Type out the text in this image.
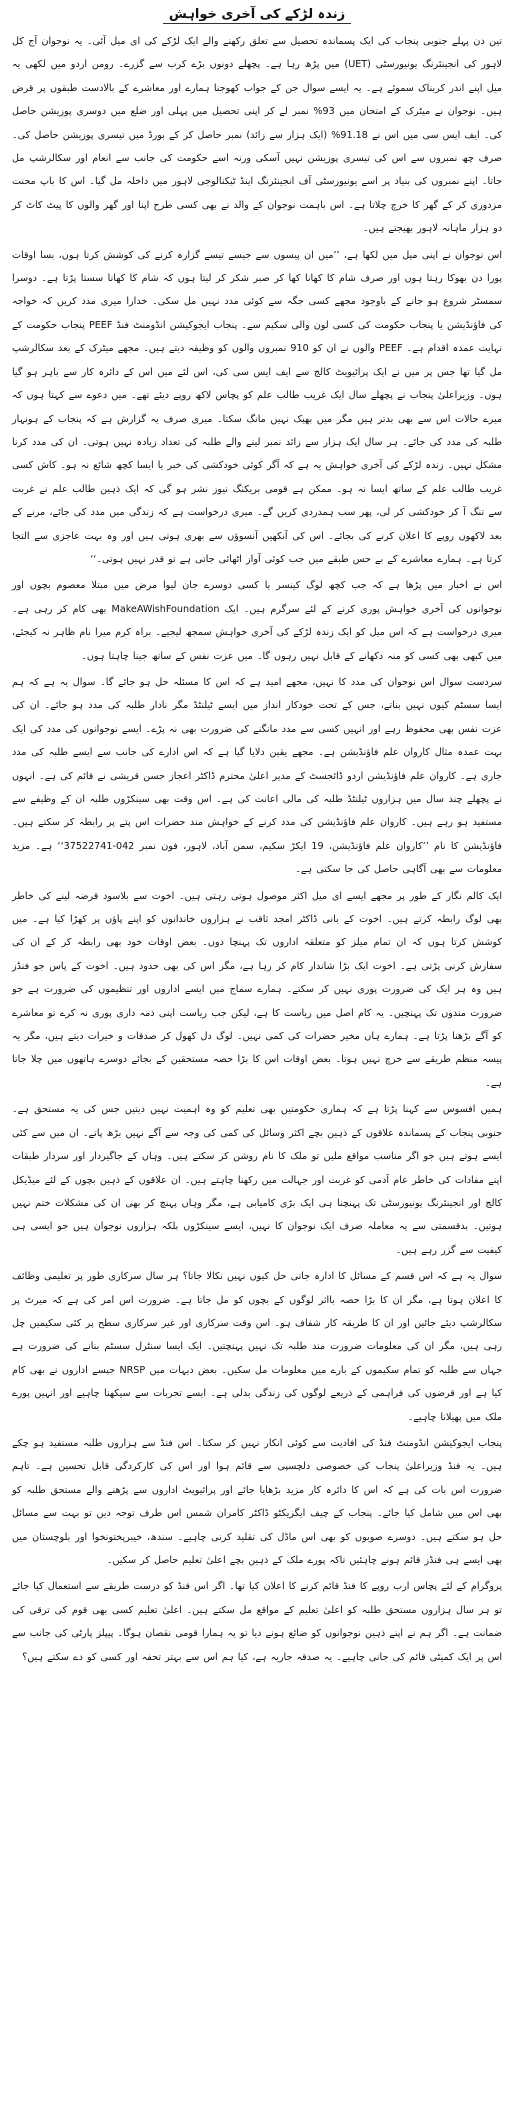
زندہ لڑکے کی آخری خواہش

تین دن پہلے جنوبی پنجاب کی ایک پسماندہ تحصیل سے تعلق رکھنے والے ایک لڑکے کی ای میل آئی۔ یہ نوجوان آج کل لاہور کی انجینئرنگ یونیورسٹی (UET) میں پڑھ رہا ہے۔ پچھلے دونوں بڑے کرب سے گزرے۔ رومن اردو میں لکھی یہ میل اپنے اندر کربناک سموئے ہے۔ یہ ایسے سوال جن کے جواب کھوجنا ہمارے اور معاشرے کے بالادست طبقوں پر قرض ہیں۔ نوجوان نے میٹرک کے امتحان میں 93% نمبر لے کر اپنی تحصیل میں پہلی اور ضلع میں دوسری پوزیشن حاصل کی۔ ایف ایس سی میں اس نے 91.18% (ایک ہزار سے زائد) نمبر حاصل کر کے بورڈ میں تیسری پوزیشن حاصل کی۔ صرف چھ نمبروں سے اس کی تیسری پوزیشن نہیں آسکی ورنہ اسے حکومت کی جانب سے انعام اور سکالرشپ مل جاتا۔ اپنے نمبروں کی بنیاد پر اسے یونیورسٹی آف انجینئرنگ اینڈ ٹیکنالوجی لاہور میں داخلہ مل گیا۔ اس کا باپ محنت مزدوری کر کے گھر کا خرچ چلاتا ہے۔ اس باہمت نوجوان کے والد نے بھی کسی طرح اپنا اور گھر والوں کا پیٹ کاٹ کر دو ہزار ماہانہ لاہور بھیجتے ہیں۔

اس نوجوان نے اپنی میل میں لکھا ہے، ’’میں ان پیسوں سے جیسے تیسے گزارہ کرنے کی کوشش کرتا ہوں، بسا اوقات پورا دن بھوکا رہتا ہوں اور صرف شام کا کھانا کھا کر صبر شکر کر لیتا ہوں کہ شام کا کھانا سستا پڑتا ہے۔ دوسرا سمسٹر شروع ہو جانے کے باوجود مجھے کسی جگہ سے کوئی مدد نہیں مل سکی۔ خدارا میری مدد کریں کہ خواجہ کی فاؤنڈیشن یا پنجاب حکومت کی کسی لون والی سکیم سے۔ پنجاب ایجوکیشن انڈومنٹ فنڈ PEEF پنجاب حکومت کے نہایت عمدہ اقدام ہے۔ PEEF والوں نے ان کو 910 نمبروں والوں کو وظیفہ دیتے ہیں۔ مجھے میٹرک کے بعد سکالرشپ مل گیا تھا جس پر میں نے ایک پرائیویٹ کالج سے ایف ایس سی کی، اس لئے میں اس کے دائرہ کار سے باہر ہو گیا ہوں۔ وزیراعلیٰ پنجاب نے پچھلے سال ایک غریب طالب علم کو پچاس لاکھ روپے دیئے تھے۔ میں دعوے سے کہتا ہوں کہ میرے حالات اس سے بھی بدتر ہیں مگر میں بھیک نہیں مانگ سکتا۔ میری صرف یہ گزارش ہے کہ پنجاب کے ہونہار طلبہ کی مدد کی جائے۔ ہر سال ایک ہزار سے زائد نمبر لینے والے طلبہ کی تعداد زیادہ نہیں ہوتی۔ ان کی مدد کرنا مشکل نہیں۔ زندہ لڑکے کی آخری خواہش یہ ہے کہ آگر کوئی خودکشی کی خبر یا ایسا کچھ شائع نہ ہو۔ کاش کسی غریب طالب علم کے ساتھ ایسا نہ ہو۔ ممکن ہے قومی بریکنگ نیوز نشر ہو گی کہ ایک ذہین طالب علم نے غربت سے تنگ آ کر خودکشی کر لی، پھر سب ہمدردی کریں گے۔ میری درخواست ہے کہ زندگی میں مدد کی جائے، مرنے کے بعد لاکھوں روپے کا اعلان کرنے کی بجائے۔ اس کی آنکھیں آنسوؤں سے بھری ہوتی ہیں اور وہ بہت عاجزی سے التجا کرتا ہے۔ ہمارے معاشرے کے بے حس طبقے میں جب کوئی آواز اٹھائی جاتی ہے تو قدر نہیں ہوتی۔‘‘

اس نے اخبار میں پڑھا ہے کہ جب کچھ لوگ کینسر یا کسی دوسرے جان لیوا مرض میں مبتلا معصوم بچوں اور نوجوانوں کی آخری خواہش پوری کرنے کے لئے سرگرم ہیں۔ ایک MakeAWishFoundation بھی کام کر رہی ہے۔ میری درخواست ہے کہ اس میل کو ایک زندہ لڑکے کی آخری خواہش سمجھ لیجیے۔ براہ کرم میرا نام ظاہر نہ کیجئے، میں کبھی بھی کسی کو منہ دکھانے کے قابل نہیں رہوں گا۔ میں عزت نفس کے ساتھ جینا چاہتا ہوں۔

سردست سوال اس نوجوان کی مدد کا نہیں، مجھے امید ہے کہ اس کا مسئلہ حل ہو جائے گا۔ سوال یہ ہے کہ ہم ایسا سسٹم کیوں نہیں بناتے، جس کے تحت خودکار انداز میں ایسے ٹیلنٹڈ مگر نادار طلبہ کی مدد ہو جائے۔ ان کی عزت نفس بھی محفوظ رہے اور انہیں کسی سے مدد مانگنے کی ضرورت بھی نہ پڑے۔ ایسے نوجوانوں کی مدد کی ایک بہت عمدہ مثال کاروان علم فاؤنڈیشن ہے۔ مجھے یقین دلایا گیا ہے کہ اس ادارے کی جانب سے ایسے طلبہ کی مدد جاری ہے۔ کاروان علم فاؤنڈیشن اردو ڈائجسٹ کے مدیر اعلیٰ محترم ڈاکٹر اعجاز حسن قریشی نے قائم کی ہے۔ انہوں نے پچھلے چند سال میں ہزاروں ٹیلنٹڈ طلبہ کی مالی اعانت کی ہے۔ اس وقت بھی سینکڑوں طلبہ ان کے وظیفے سے مستفید ہو رہے ہیں۔ کاروان علم فاؤنڈیشن کی مدد کرنے کے خواہش مند حضرات اس پتے پر رابطہ کر سکتے ہیں۔ فاؤنڈیشن کا نام ’’کاروان علم فاؤنڈیشن، 19 ایکڑ سکیم، سمن آباد، لاہور، فون نمبر 042-37522741‘‘ ہے۔ مزید معلومات سے بھی آگاہی حاصل کی جا سکتی ہے۔

ایک کالم نگار کے طور پر مجھے ایسے ای میل اکثر موصول ہوتی رہتی ہیں۔ اخوت سے بلاسود قرضہ لینے کی خاطر بھی لوگ رابطہ کرتے ہیں۔ اخوت کے بانی ڈاکٹر امجد ثاقب نے ہزاروں خاندانوں کو اپنے پاؤں پر کھڑا کیا ہے۔ میں کوشش کرتا ہوں کہ ان تمام میلز کو متعلقہ اداروں تک پہنچا دوں۔ بعض اوقات خود بھی رابطہ کر کے ان کی سفارش کرنی پڑتی ہے۔ اخوت ایک بڑا شاندار کام کر رہا ہے، مگر اس کی بھی حدود ہیں۔ اخوت کے پاس جو فنڈز ہیں وہ ہر ایک کی ضرورت پوری نہیں کر سکتے۔ ہمارے سماج میں ایسے اداروں اور تنظیموں کی ضرورت ہے جو ضرورت مندوں تک پہنچیں۔ یہ کام اصل میں ریاست کا ہے، لیکن جب ریاست اپنی ذمہ داری پوری نہ کرے تو معاشرے کو آگے بڑھنا پڑتا ہے۔ ہمارے ہاں مخیر حضرات کی کمی نہیں۔ لوگ دل کھول کر صدقات و خیرات دیتے ہیں، مگر یہ پیسہ منظم طریقے سے خرچ نہیں ہوتا۔ بعض اوقات اس کا بڑا حصہ مستحقین کے بجائے دوسرے ہاتھوں میں چلا جاتا ہے۔

ہمیں افسوس سے کہنا پڑتا ہے کہ ہماری حکومتیں بھی تعلیم کو وہ اہمیت نہیں دیتیں جس کی یہ مستحق ہے۔ جنوبی پنجاب کے پسماندہ علاقوں کے ذہین بچے اکثر وسائل کی کمی کی وجہ سے آگے نہیں بڑھ پاتے۔ ان میں سے کئی ایسے ہوتے ہیں جو اگر مناسب مواقع ملیں تو ملک کا نام روشن کر سکتے ہیں۔ وہاں کے جاگیردار اور سردار طبقات اپنے مفادات کی خاطر عام آدمی کو غربت اور جہالت میں رکھنا چاہتے ہیں۔ ان علاقوں کے ذہین بچوں کے لئے میڈیکل کالج اور انجینئرنگ یونیورسٹی تک پہنچنا ہی ایک بڑی کامیابی ہے، مگر وہاں پہنچ کر بھی ان کی مشکلات ختم نہیں ہوتیں۔ بدقسمتی سے یہ معاملہ صرف ایک نوجوان کا نہیں، ایسے سینکڑوں بلکہ ہزاروں نوجوان ہیں جو ایسی ہی کیفیت سے گزر رہے ہیں۔

سوال یہ ہے کہ اس قسم کے مسائل کا ادارہ جاتی حل کیوں نہیں نکالا جاتا؟ ہر سال سرکاری طور پر تعلیمی وظائف کا اعلان ہوتا ہے، مگر ان کا بڑا حصہ بااثر لوگوں کے بچوں کو مل جاتا ہے۔ ضرورت اس امر کی ہے کہ میرٹ پر سکالرشپ دیئے جائیں اور ان کا طریقہ کار شفاف ہو۔ اس وقت سرکاری اور غیر سرکاری سطح پر کئی سکیمیں چل رہی ہیں، مگر ان کی معلومات ضرورت مند طلبہ تک نہیں پہنچتیں۔ ایک ایسا سنٹرل سسٹم بنانے کی ضرورت ہے جہاں سے طلبہ کو تمام سکیموں کے بارے میں معلومات مل سکیں۔ بعض دیہات میں NRSP جیسے اداروں نے بھی کام کیا ہے اور قرضوں کی فراہمی کے ذریعے لوگوں کی زندگی بدلی ہے۔ ایسے تجربات سے سیکھنا چاہیے اور انہیں پورے ملک میں پھیلانا چاہیے۔

پنجاب ایجوکیشن انڈومنٹ فنڈ کی افادیت سے کوئی انکار نہیں کر سکتا۔ اس فنڈ سے ہزاروں طلبہ مستفید ہو چکے ہیں۔ یہ فنڈ وزیراعلیٰ پنجاب کی خصوصی دلچسپی سے قائم ہوا اور اس کی کارکردگی قابل تحسین ہے۔ تاہم ضرورت اس بات کی ہے کہ اس کا دائرہ کار مزید بڑھایا جائے اور پرائیویٹ اداروں سے پڑھنے والے مستحق طلبہ کو بھی اس میں شامل کیا جائے۔ پنجاب کے چیف ایگزیکٹو ڈاکٹر کامران شمس اس طرف توجہ دیں تو بہت سے مسائل حل ہو سکتے ہیں۔ دوسرے صوبوں کو بھی اس ماڈل کی تقلید کرنی چاہیے۔ سندھ، خیبرپختونخوا اور بلوچستان میں بھی ایسے ہی فنڈز قائم ہونے چاہئیں تاکہ پورے ملک کے ذہین بچے اعلیٰ تعلیم حاصل کر سکیں۔

پروگرام کے لئے پچاس ارب روپے کا فنڈ قائم کرنے کا اعلان کیا تھا۔ اگر اس فنڈ کو درست طریقے سے استعمال کیا جائے تو ہر سال ہزاروں مستحق طلبہ کو اعلیٰ تعلیم کے مواقع مل سکتے ہیں۔ اعلیٰ تعلیم کسی بھی قوم کی ترقی کی ضمانت ہے۔ اگر ہم نے اپنے ذہین نوجوانوں کو ضائع ہونے دیا تو یہ ہمارا قومی نقصان ہوگا۔ پیپلز پارٹی کی جانب سے اس پر ایک کمیٹی قائم کی جانی چاہیے۔ یہ صدقہ جاریہ ہے، کیا ہم اس سے بہتر تحفہ اور کسی کو دے سکتے ہیں؟
